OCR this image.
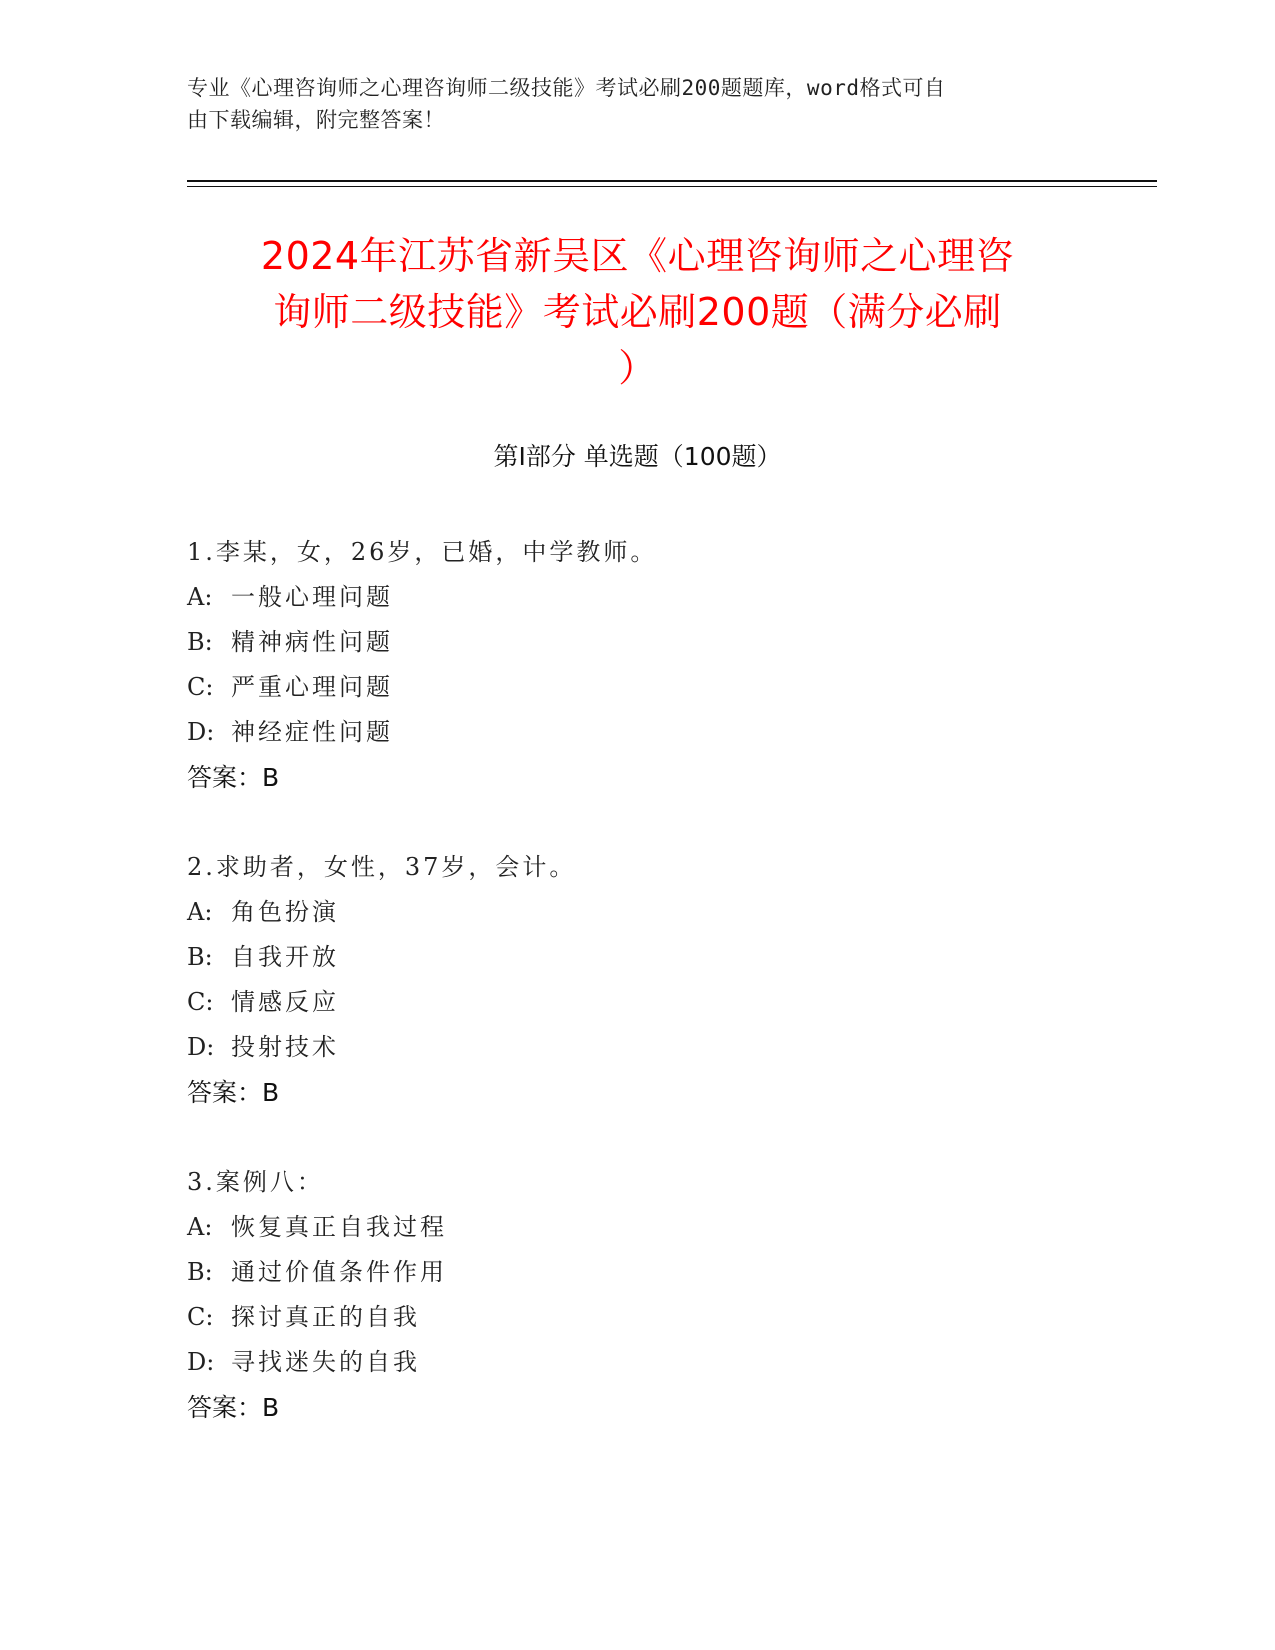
专业《心理咨询师之心理咨询师二级技能》考试必刷200题题库，word格式可自
由下载编辑，附完整答案！
2024年江苏省新吴区《心理咨询师之心理咨
询师二级技能》考试必刷200题（满分必刷
）
第I部分 单选题（100题）
1.李某，女，26岁，已婚，中学教师。
A: 一般心理问题
B: 精神病性问题
C: 严重心理问题
D: 神经症性问题
答案：B
2.求助者，女性，37岁，会计。
A: 角色扮演
B: 自我开放
C: 情感反应
D: 投射技术
答案：B
3.案例八：
A: 恢复真正自我过程
B: 通过价值条件作用
C: 探讨真正的自我
D: 寻找迷失的自我
答案：B
